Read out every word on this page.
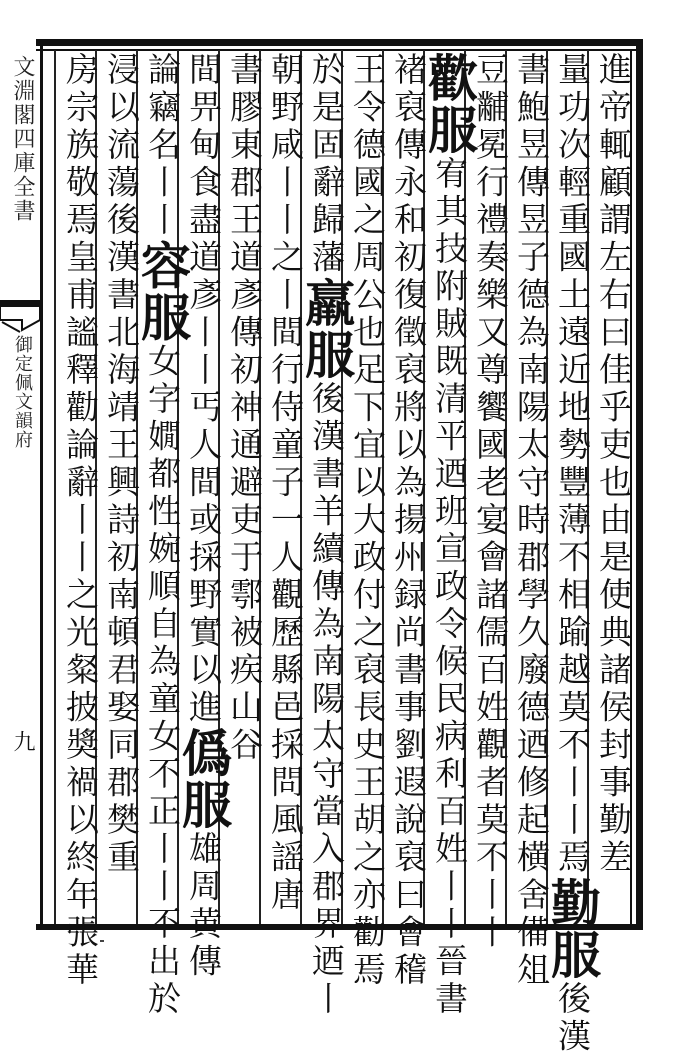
文淵閣四庫全書
御定佩文韻府
九	進帝輒顧謂左右曰佳乎吏也由是使典諸侯封事勤差
量功次輕重國土遠近地勢豐薄不相踰越莫不丨丨焉勤服後漢
書鮑昱傳昱子德為南陽太守時郡學久廢德迺修起横舍備俎
豆黼冕行禮奏樂又尊饗國老宴會諸儒百姓觀者莫不丨丨
歡服宥其技附賊既清平迺班宣政令候民病利百姓丨丨晉書
褚裒傳永和初復徵裒將以為揚州録尚書事劉遐說裒曰會稽
王令德國之周公也足下宜以大政付之裒長史王胡之亦勸焉
於是固辭歸藩羸服後漢書羊續傳為南陽太守當入郡界迺丨
朝野咸丨丨之丨間行侍童子一人觀歷縣邑採問風謡唐
書膠東郡王道彥傳初神通避吏于鄠被疾山谷
間畀甸食盡道彥丨丨丐人間或採野實以進僞服雄周黄傳
論竊名丨丨容服女字嫺都性婉順自為童女不正丨丨不出於
浸以流蕩後漢書北海靖王興詩初南頓君娶同郡樊重
房宗族敬焉皇甫謐釋勸論辭丨丨之光粲披奬禍以終年張華
